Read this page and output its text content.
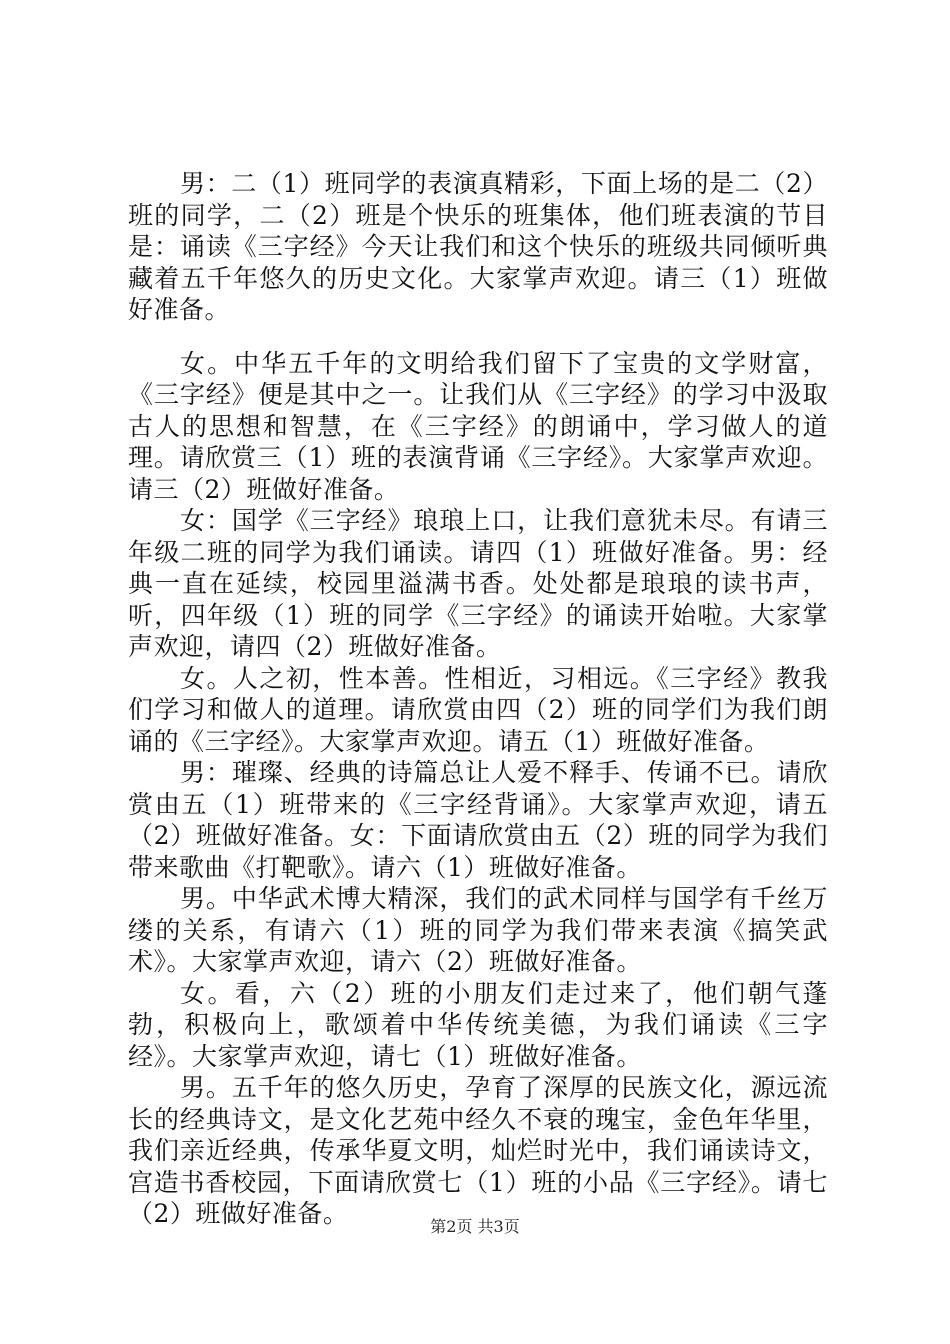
男：二（1）班同学的表演真精彩，下面上场的是二（2）班的同学，二（2）班是个快乐的班集体，他们班表演的节目是：诵读《三字经》今天让我们和这个快乐的班级共同倾听典藏着五千年悠久的历史文化。大家掌声欢迎。请三（1）班做好准备。

女。中华五千年的文明给我们留下了宝贵的文学财富，《三字经》便是其中之一。让我们从《三字经》的学习中汲取古人的思想和智慧，在《三字经》的朗诵中，学习做人的道理。请欣赏三（1）班的表演背诵《三字经》。大家掌声欢迎。请三（2）班做好准备。

女：国学《三字经》琅琅上口，让我们意犹未尽。有请三年级二班的同学为我们诵读。请四（1）班做好准备。男：经典一直在延续，校园里溢满书香。处处都是琅琅的读书声，听，四年级（1）班的同学《三字经》的诵读开始啦。大家掌声欢迎，请四（2）班做好准备。

女。人之初，性本善。性相近，习相远。《三字经》教我们学习和做人的道理。请欣赏由四（2）班的同学们为我们朗诵的《三字经》。大家掌声欢迎。请五（1）班做好准备。

男：璀璨、经典的诗篇总让人爱不释手、传诵不已。请欣赏由五（1）班带来的《三字经背诵》。大家掌声欢迎，请五（2）班做好准备。女：下面请欣赏由五（2）班的同学为我们带来歌曲《打靶歌》。请六（1）班做好准备。

男。中华武术博大精深，我们的武术同样与国学有千丝万缕的关系，有请六（1）班的同学为我们带来表演《搞笑武术》。大家掌声欢迎，请六（2）班做好准备。

女。看，六（2）班的小朋友们走过来了，他们朝气蓬勃，积极向上，歌颂着中华传统美德，为我们诵读《三字经》。大家掌声欢迎，请七（1）班做好准备。

男。五千年的悠久历史，孕育了深厚的民族文化，源远流长的经典诗文，是文化艺苑中经久不衰的瑰宝，金色年华里，我们亲近经典，传承华夏文明，灿烂时光中，我们诵读诗文，宫造书香校园，下面请欣赏七（1）班的小品《三字经》。请七（2）班做好准备。	第2页 共3页
